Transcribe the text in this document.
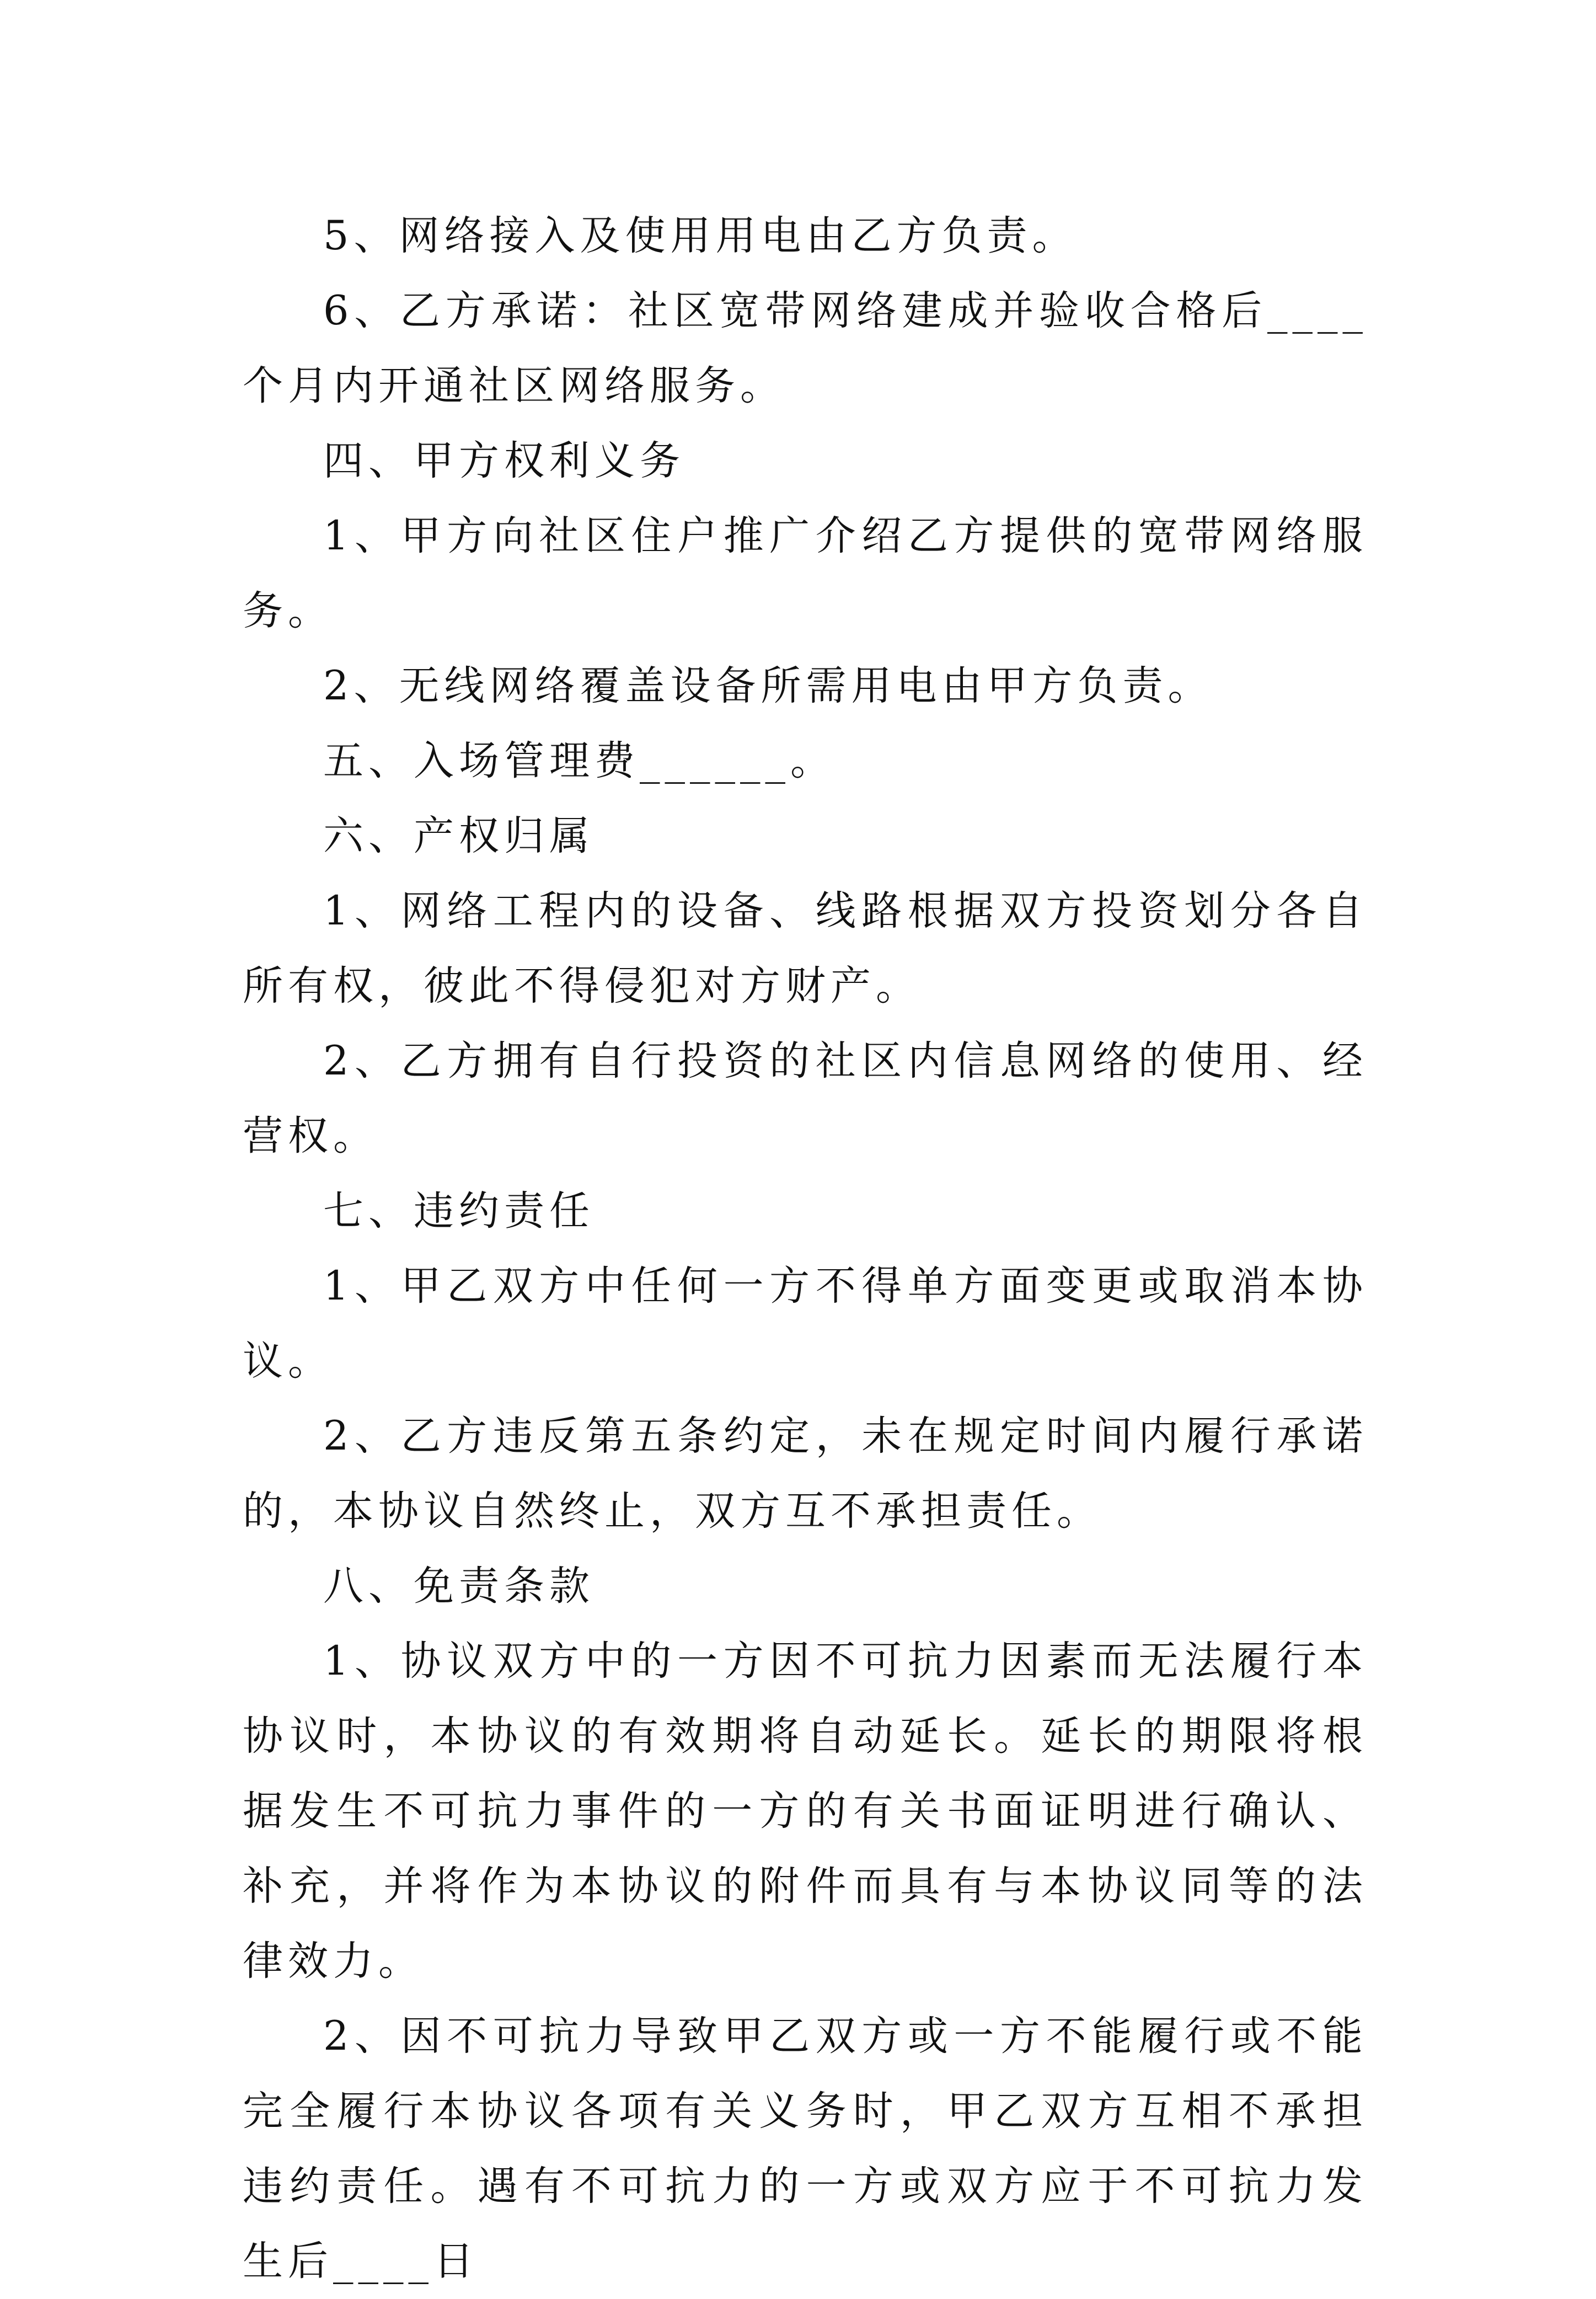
5、网络接入及使用用电由乙方负责。

6、乙方承诺：社区宽带网络建成并验收合格后____个月内开通社区网络服务。

四、甲方权利义务

1、甲方向社区住户推广介绍乙方提供的宽带网络服务。

2、无线网络覆盖设备所需用电由甲方负责。

五、入场管理费______。

六、产权归属

1、网络工程内的设备、线路根据双方投资划分各自所有权，彼此不得侵犯对方财产。

2、乙方拥有自行投资的社区内信息网络的使用、经营权。

七、违约责任

1、甲乙双方中任何一方不得单方面变更或取消本协议。

2、乙方违反第五条约定，未在规定时间内履行承诺的，本协议自然终止，双方互不承担责任。

八、免责条款

1、协议双方中的一方因不可抗力因素而无法履行本协议时，本协议的有效期将自动延长。延长的期限将根据发生不可抗力事件的一方的有关书面证明进行确认、补充，并将作为本协议的附件而具有与本协议同等的法律效力。

2、因不可抗力导致甲乙双方或一方不能履行或不能完全履行本协议各项有关义务时，甲乙双方互相不承担违约责任。遇有不可抗力的一方或双方应于不可抗力发生后____日
